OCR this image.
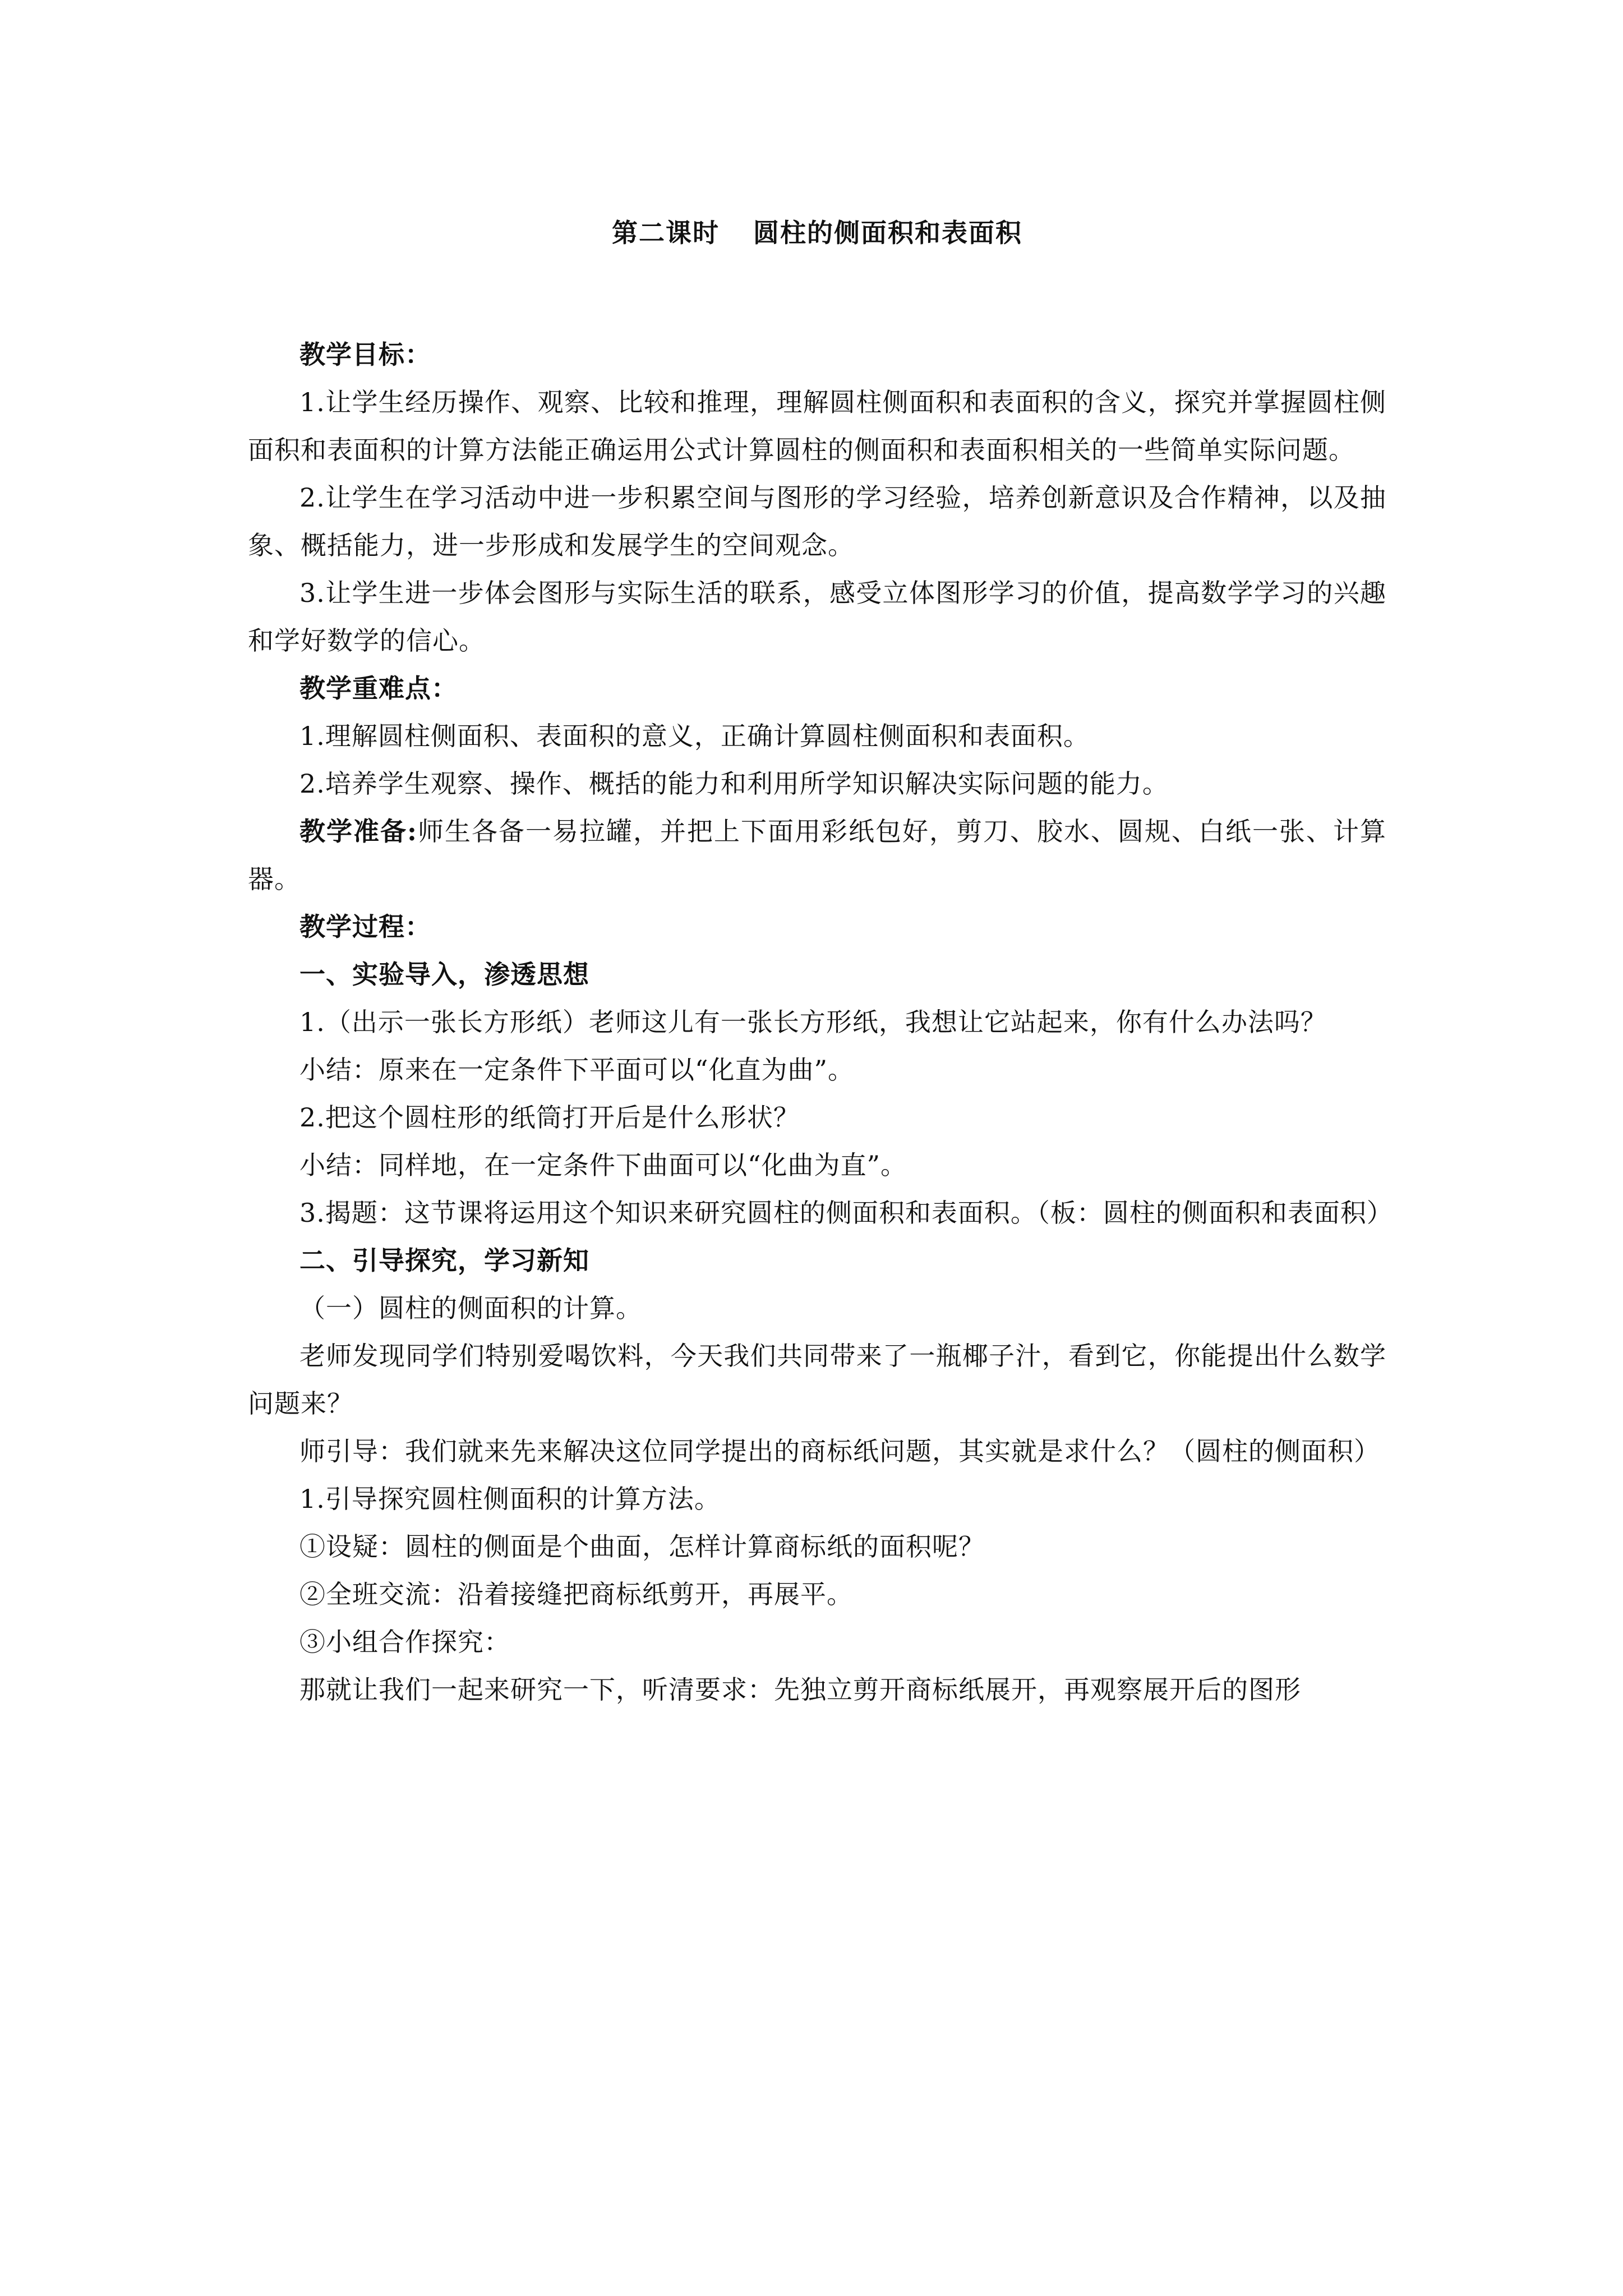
第二课时 圆柱的侧面积和表面积

教学目标：

1.让学生经历操作、观察、比较和推理，理解圆柱侧面积和表面积的含义，探究并掌握圆柱侧面积和表面积的计算方法能正确运用公式计算圆柱的侧面积和表面积相关的一些简单实际问题。

2.让学生在学习活动中进一步积累空间与图形的学习经验，培养创新意识及合作精神，以及抽象、概括能力，进一步形成和发展学生的空间观念。

3.让学生进一步体会图形与实际生活的联系，感受立体图形学习的价值，提高数学学习的兴趣和学好数学的信心。

教学重难点：

1.理解圆柱侧面积、表面积的意义，正确计算圆柱侧面积和表面积。

2.培养学生观察、操作、概括的能力和利用所学知识解决实际问题的能力。

教学准备:师生各备一易拉罐，并把上下面用彩纸包好，剪刀、胶水、圆规、白纸一张、计算器。

教学过程：

一、实验导入，渗透思想

1.（出示一张长方形纸）老师这儿有一张长方形纸，我想让它站起来，你有什么办法吗？

小结：原来在一定条件下平面可以“化直为曲”。

2.把这个圆柱形的纸筒打开后是什么形状？

小结：同样地，在一定条件下曲面可以“化曲为直”。

3.揭题：这节课将运用这个知识来研究圆柱的侧面积和表面积。（板：圆柱的侧面积和表面积）

二、引导探究，学习新知

（一）圆柱的侧面积的计算。

老师发现同学们特别爱喝饮料，今天我们共同带来了一瓶椰子汁，看到它，你能提出什么数学问题来？

师引导：我们就来先来解决这位同学提出的商标纸问题，其实就是求什么？（圆柱的侧面积）

1.引导探究圆柱侧面积的计算方法。

①设疑：圆柱的侧面是个曲面，怎样计算商标纸的面积呢？

②全班交流：沿着接缝把商标纸剪开，再展平。

③小组合作探究：

那就让我们一起来研究一下，听清要求：先独立剪开商标纸展开，再观察展开后的图形
